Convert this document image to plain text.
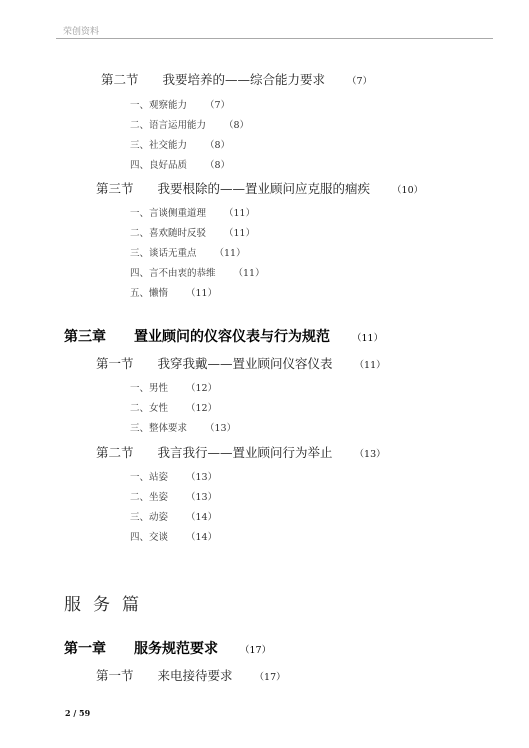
荣创资料
第二节 我要培养的——综合能力要求 （7）
一、观察能力 （7）
二、语言运用能力 （8）
三、社交能力 （8）
四、良好品质 （8）
第三节 我要根除的——置业顾问应克服的痼疾 （10）
一、言谈侧重道理 （11）
二、喜欢随时反驳 （11）
三、谈话无重点 （11）
四、言不由衷的恭维 （11）
五、懒惰 （11）
第三章 置业顾问的仪容仪表与行为规范 （11）
第一节 我穿我戴——置业顾问仪容仪表 （11）
一、男性 （12）
二、女性 （12）
三、整体要求 （13）
第二节 我言我行——置业顾问行为举止 （13）
一、站姿 （13）
二、坐姿 （13）
三、动姿 （14）
四、交谈 （14）
服务篇
第一章 服务规范要求 （17）
第一节 来电接待要求 （17）
2 / 59
